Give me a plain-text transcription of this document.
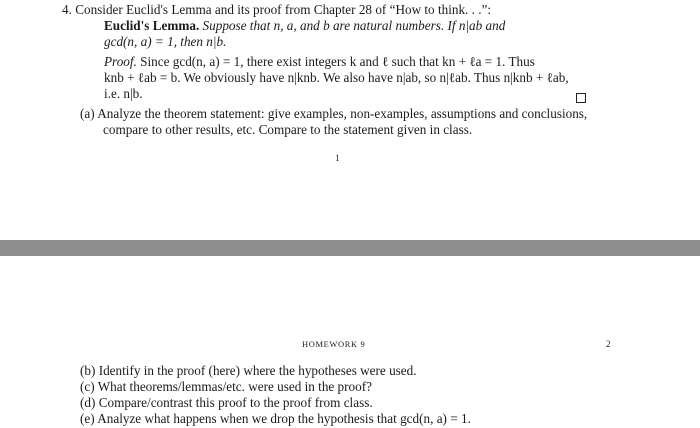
4. Consider Euclid's Lemma and its proof from Chapter 28 of “How to think. . .”:
Euclid's Lemma. Suppose that n, a, and b are natural numbers. If n|ab and
gcd(n, a) = 1, then n|b.
Proof. Since gcd(n, a) = 1, there exist integers k and ℓ such that kn + ℓa = 1. Thus
knb + ℓab = b. We obviously have n|knb. We also have n|ab, so n|ℓab. Thus n|knb + ℓab,
i.e. n|b.
(a) Analyze the theorem statement: give examples, non-examples, assumptions and conclusions,
compare to other results, etc. Compare to the statement given in class.
1
HOMEWORK 9	2
(b) Identify in the proof (here) where the hypotheses were used.
(c) What theorems/lemmas/etc. were used in the proof?
(d) Compare/contrast this proof to the proof from class.
(e) Analyze what happens when we drop the hypothesis that gcd(n, a) = 1.
